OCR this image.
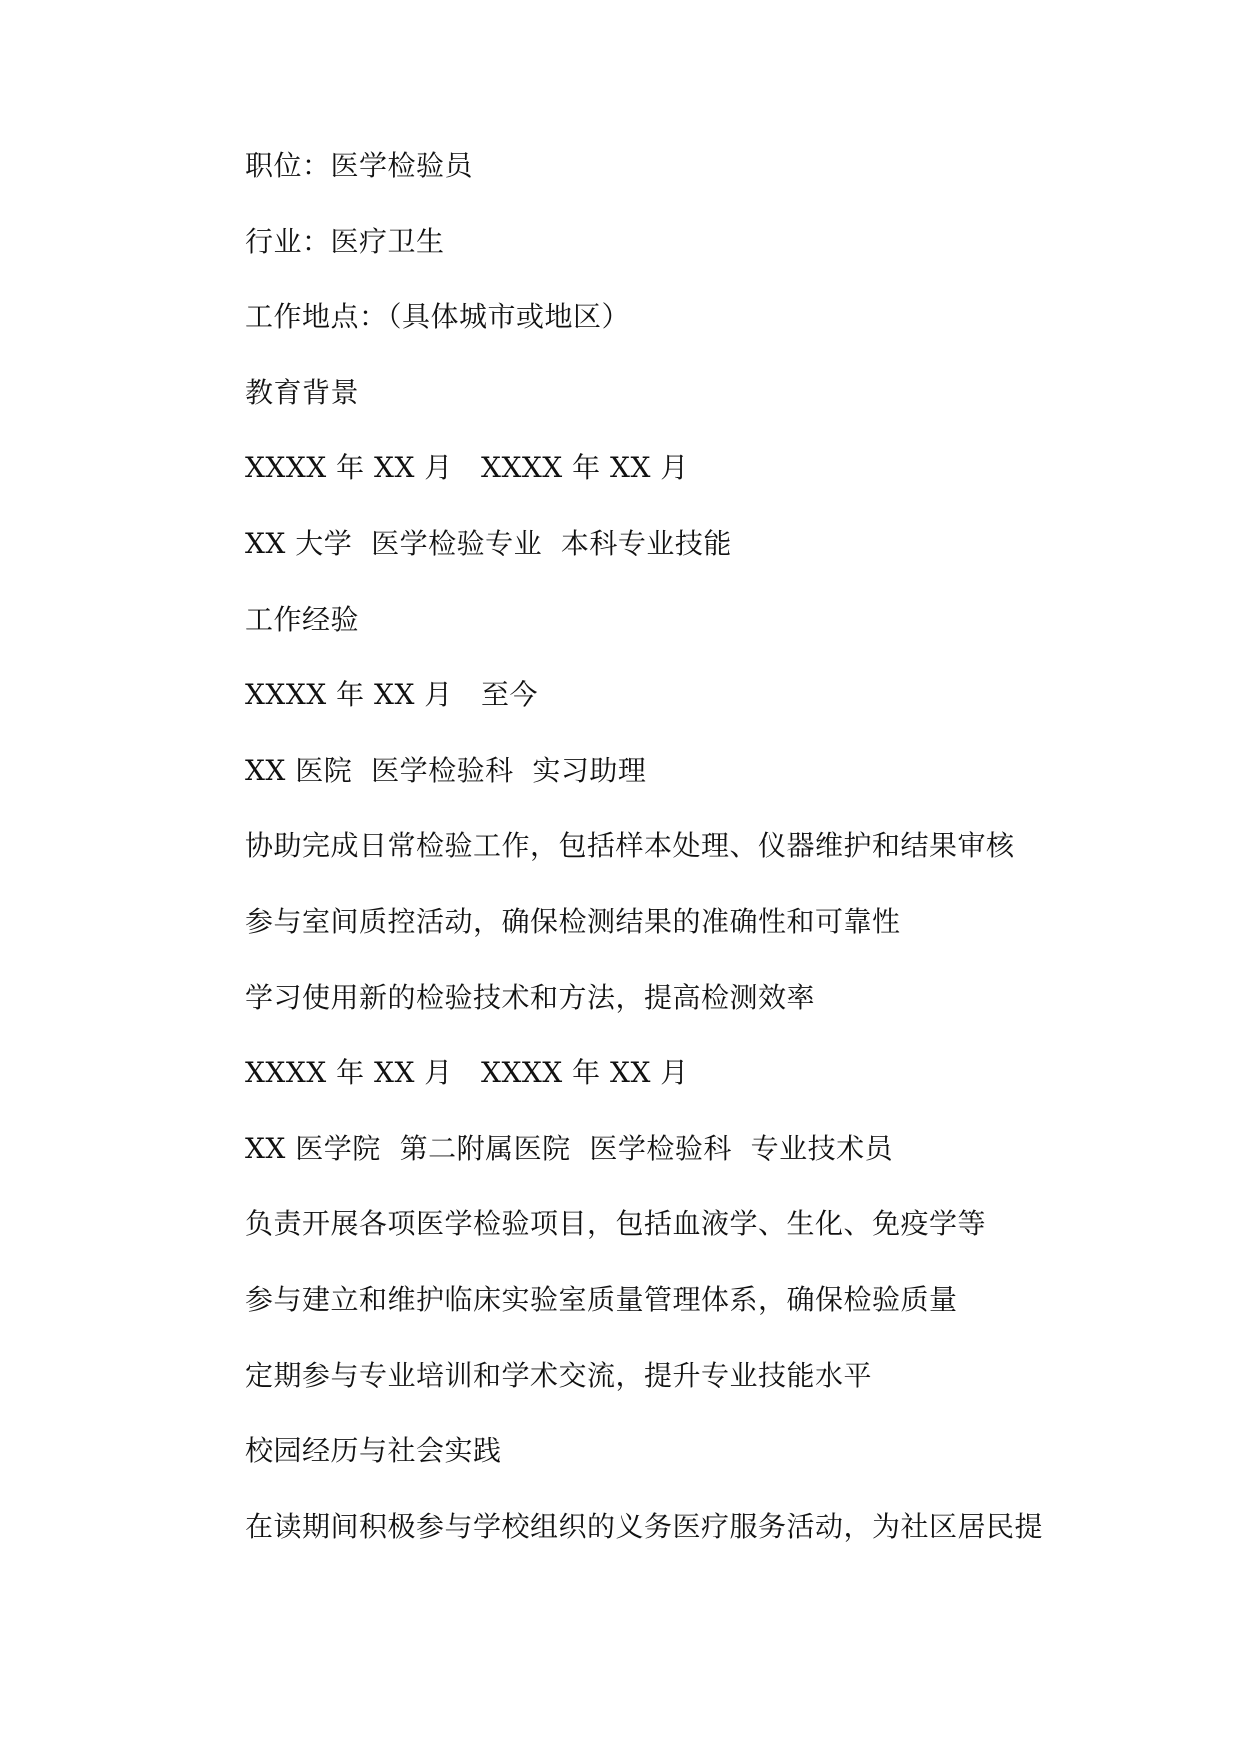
职位：医学检验员
行业：医疗卫生
工作地点：（具体城市或地区）
教育背景
XXXX 年 XX 月   XXXX 年 XX 月
XX 大学  医学检验专业  本科专业技能
工作经验
XXXX 年 XX 月   至今
XX 医院  医学检验科  实习助理
协助完成日常检验工作，包括样本处理、仪器维护和结果审核
参与室间质控活动，确保检测结果的准确性和可靠性
学习使用新的检验技术和方法，提高检测效率
XXXX 年 XX 月   XXXX 年 XX 月
XX 医学院  第二附属医院  医学检验科  专业技术员
负责开展各项医学检验项目，包括血液学、生化、免疫学等
参与建立和维护临床实验室质量管理体系，确保检验质量
定期参与专业培训和学术交流，提升专业技能水平
校园经历与社会实践
在读期间积极参与学校组织的义务医疗服务活动，为社区居民提
